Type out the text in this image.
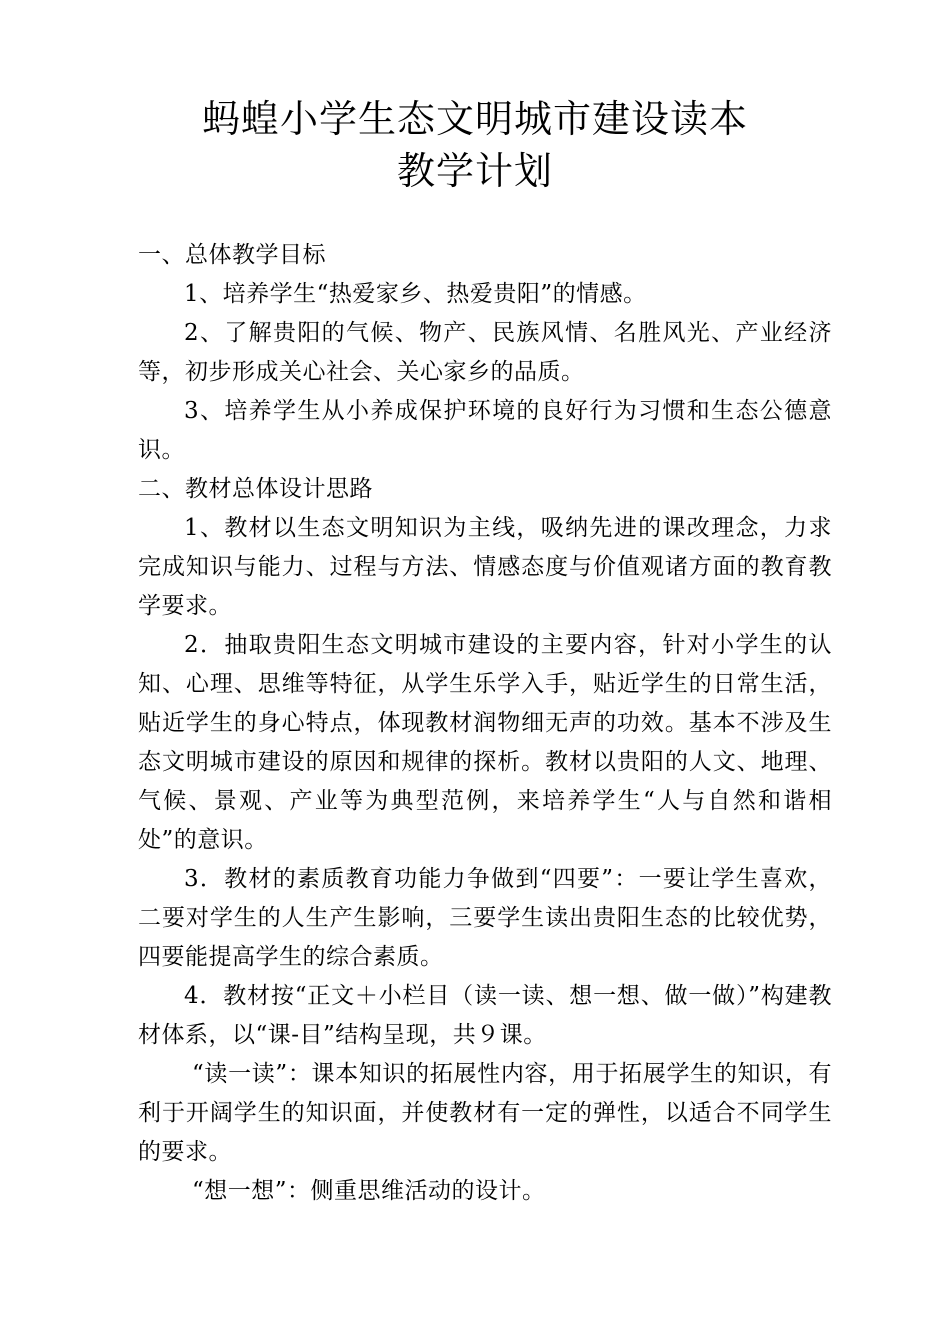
蚂蝗小学生态文明城市建设读本
教学计划

一、总体教学目标

1、培养学生“热爱家乡、热爱贵阳”的情感。

2、了解贵阳的气候、物产、民族风情、名胜风光、产业经济等，初步形成关心社会、关心家乡的品质。

3、培养学生从小养成保护环境的良好行为习惯和生态公德意识。

二、教材总体设计思路

1、教材以生态文明知识为主线，吸纳先进的课改理念，力求完成知识与能力、过程与方法、情感态度与价值观诸方面的教育教学要求。

2．抽取贵阳生态文明城市建设的主要内容，针对小学生的认知、心理、思维等特征，从学生乐学入手，贴近学生的日常生活，贴近学生的身心特点，体现教材润物细无声的功效。基本不涉及生态文明城市建设的原因和规律的探析。教材以贵阳的人文、地理、气候、景观、产业等为典型范例，来培养学生“人与自然和谐相处”的意识。

3．教材的素质教育功能力争做到“四要”：一要让学生喜欢，二要对学生的人生产生影响，三要学生读出贵阳生态的比较优势，四要能提高学生的综合素质。

4．教材按“正文＋小栏目（读一读、想一想、做一做）”构建教材体系，以“课-目”结构呈现，共９课。

“读一读”：课本知识的拓展性内容，用于拓展学生的知识，有利于开阔学生的知识面，并使教材有一定的弹性，以适合不同学生的要求。

“想一想”：侧重思维活动的设计。
